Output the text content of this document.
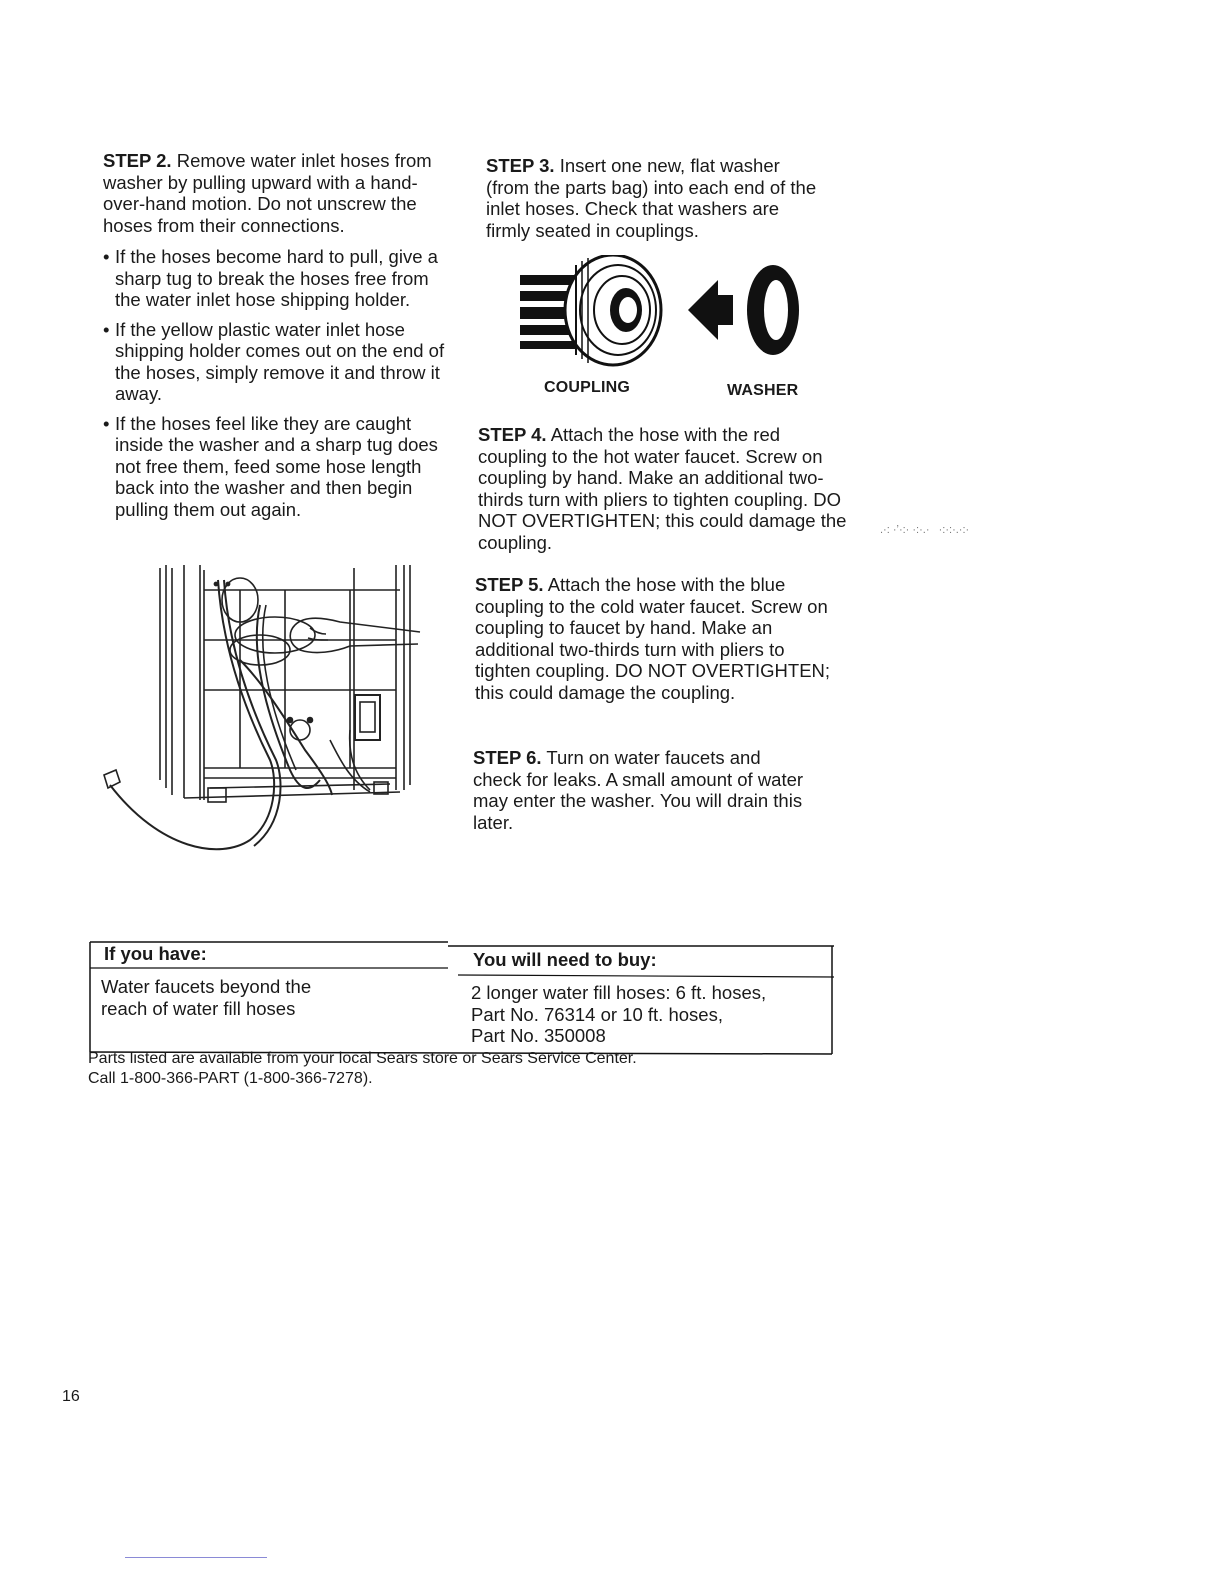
STEP 2. Remove water inlet hoses from washer by pulling upward with a hand-over-hand motion. Do not unscrew the hoses from their connections.

• If the hoses become hard to pull, give a sharp tug to break the hoses free from the water inlet hose shipping holder.
• If the yellow plastic water inlet hose shipping holder comes out on the end of the hoses, simply remove it and throw it away.
• If the hoses feel like they are caught inside the washer and a sharp tug does not free them, feed some hose length back into the washer and then begin pulling them out again.

STEP 3. Insert one new, flat washer (from the parts bag) into each end of the inlet hoses. Check that washers are firmly seated in couplings.

COUPLING	WASHER

STEP 4. Attach the hose with the red coupling to the hot water faucet. Screw on coupling by hand. Make an additional two-thirds turn with pliers to tighten coupling. DO NOT OVERTIGHTEN; this could damage the coupling.

STEP 5. Attach the hose with the blue coupling to the cold water faucet. Screw on coupling to faucet by hand. Make an additional two-thirds turn with pliers to tighten coupling. DO NOT OVERTIGHTEN; this could damage the coupling.

STEP 6. Turn on water faucets and check for leaks. A small amount of water may enter the washer. You will drain this later.

.·: ·ʼ·:· ·:·.·   ·:·:·.·:·
If you have:	You will need to buy:
Water faucets beyond the reach of water fill hoses
2 longer water fill hoses: 6 ft. hoses,
Part No. 76314 or 10 ft. hoses,
Part No. 350008
Parts listed are available from your local Sears store or Sears Service Center.
Call 1-800-366-PART (1-800-366-7278).
16
